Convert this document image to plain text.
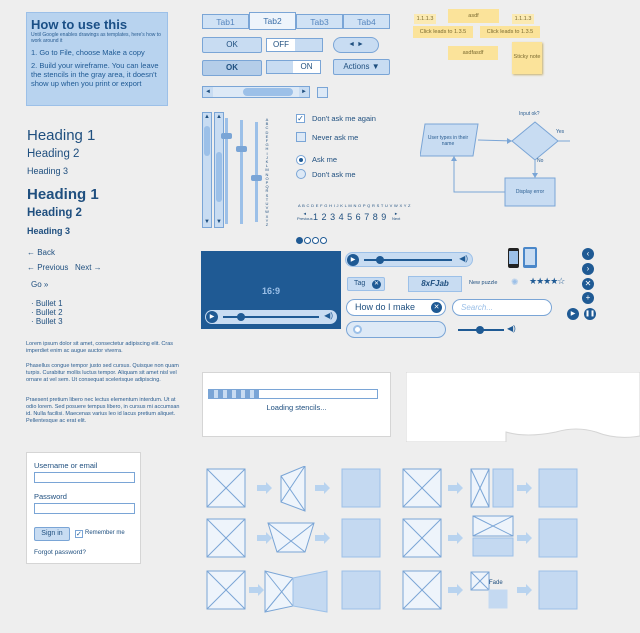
How to use this
Until Google enables drawings as templates, here's how to work around it

1. Go to File, choose Make a copy

2. Build your wireframe. You can leave the stencils in the gray area, it doesn't show up when you print or export

Heading 1
Heading 2
Heading 3
Heading 1
Heading 2
Heading 3
← Back
← Previous Next →
Go »
· Bullet 1
· Bullet 2
· Bullet 3
Lorem ipsum dolor sit amet, consectetur adipiscing elit. Cras imperdiet enim ac augue auctor viverra.
Phasellus congue tempor justo sed cursus. Quisque non quam turpis. Curabitur mollis luctus tempor. Aliquam sit amet nisl vel ornare at vel sem. Ut consequat scelerisque adipiscing.
Praesent pretium libero nec lectus elementum interdum. Ut at odio lorem. Sed posuere tempus libero, in cursus mi accumsan id. Nulla facilisi. Maecenas varius leo id lacus pretium aliquet. Pellentesque ac erat elit.
Tab1	Tab2	Tab3	Tab4
OK	OFF	◄ ►
OK	ON	Actions ▼
◄	►
asdf
1.1.1.3	1.1.1.3
Click leads to 1.3.5	Click leads to 1.3.5
asdfasdf
Sticky note
▲
▼
▲
▼
A B C D E F G H I J K L M N O P Q R S T U V W X Y Z
✓ Don't ask me again
Never ask me
Ask me
Don't ask me
A B C D E F G H I J K L M N O P Q R S T U V W X Y Z
◄
Previous 1 2 3 4 5 6 7 8 9	►
Next
User types in their name
Input ok?
Yes
No
Display error
16:9
▶	◀)
▶	◀)
Tag	✕	8xFJab	New puzzle ✺ ★★★★☆
How do I make	✕	Search...
◀)
‹
›
✕
+
▶	❚❚
Loading stencils...
Username or email
Password
Sign in	✓ Remember me
Forgot password?
Fade
